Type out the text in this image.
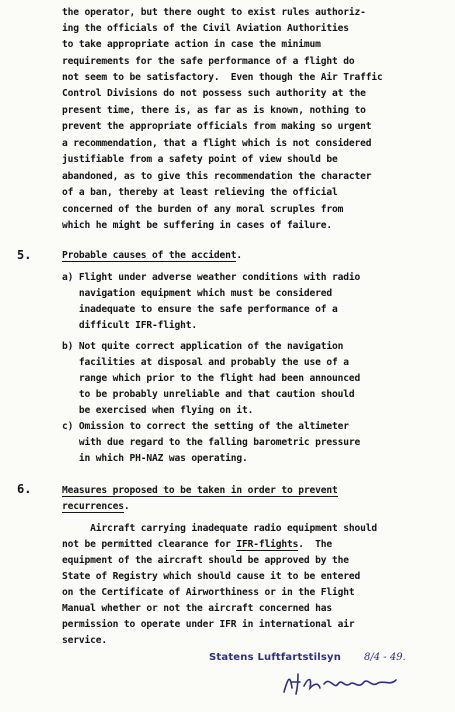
the operator, but there ought to exist rules authoriz-
ing the officials of the Civil Aviation Authorities
to take appropriate action in case the minimum
requirements for the safe performance of a flight do
not seem to be satisfactory.  Even though the Air Traffic
Control Divisions do not possess such authority at the
present time, there is, as far as is known, nothing to
prevent the appropriate officials from making so urgent
a recommendation, that a flight which is not considered
justifiable from a safety point of view should be
abandoned, as to give this recommendation the character
of a ban, thereby at least relieving the official
concerned of the burden of any moral scruples from
which he might be suffering in cases of failure.
5.	Probable causes of the accident.
a) Flight under adverse weather conditions with radio
navigation equipment which must be considered
inadequate to ensure the safe performance of a
difficult IFR-flight.
b) Not quite correct application of the navigation
facilities at disposal and probably the use of a
range which prior to the flight had been announced
to be probably unreliable and that caution should
be exercised when flying on it.
c) Omission to correct the setting of the altimeter
with due regard to the falling barometric pressure
in which PH-NAZ was operating.
6.	Measures proposed to be taken in order to prevent
recurrences.
Aircraft carrying inadequate radio equipment should
not be permitted clearance for IFR-flights.  The
equipment of the aircraft should be approved by the
State of Registry which should cause it to be entered
on the Certificate of Airworthiness or in the Flight
Manual whether or not the aircraft concerned has
permission to operate under IFR in international air
service.
Statens Luftfartstilsyn 8/4 - 49.
